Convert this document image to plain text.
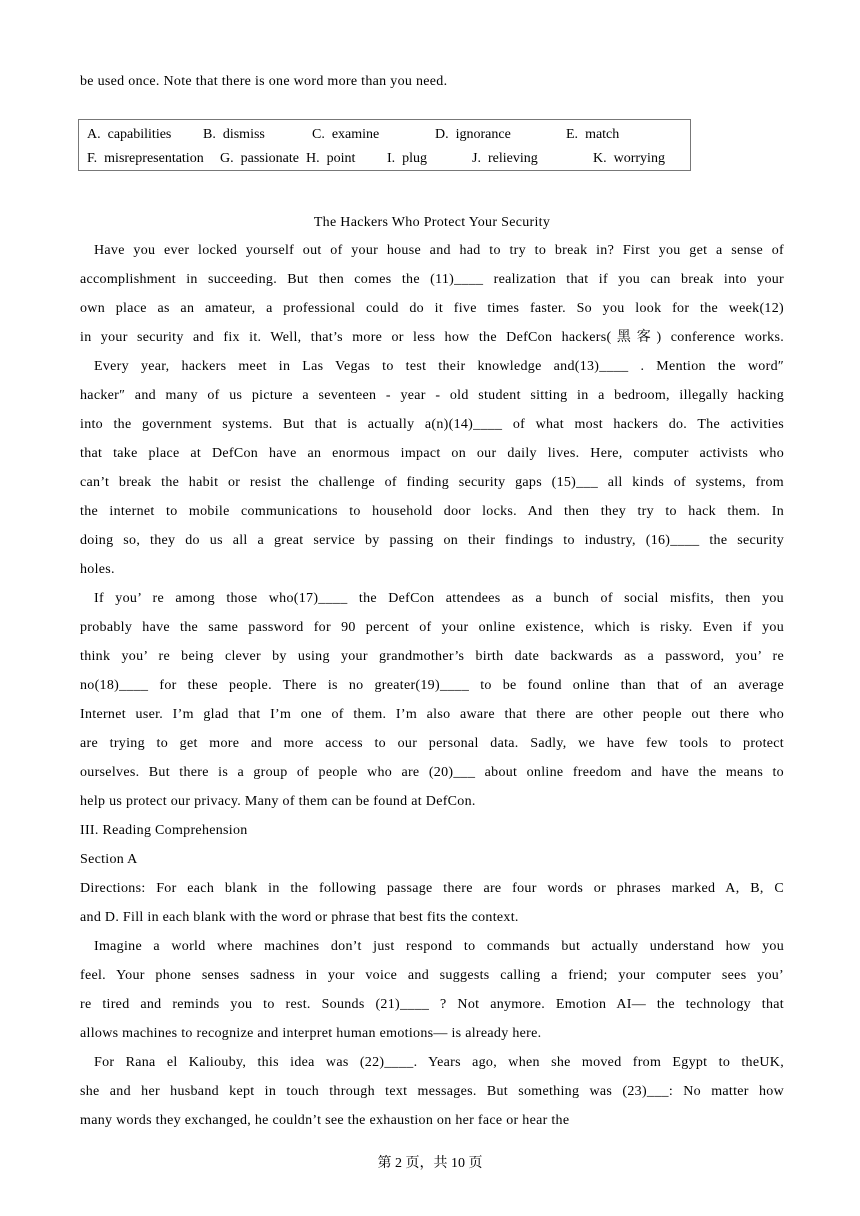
be used once. Note that there is one word more than you need.
A. capabilities B. dismiss	C. examine	D. ignorance	E. match
F. misrepresentation G. passionate H. point I. plug	J. relieving	K. worrying
The Hackers Who Protect Your Security
Have you ever locked yourself out of your house and had to try to break in? First you get a sense of
accomplishment in succeeding. But then comes the (11)____ realization that if you can break into your
own place as an amateur, a professional could do it five times faster. So you look for the week(12)
in your security and fix it. Well, that’s more or less how the DefCon hackers(黑客) conference works.
Every year, hackers meet in Las Vegas to test their knowledge and(13)____ . Mention the word″
hacker″ and many of us picture a seventeen - year - old student sitting in a bedroom, illegally hacking
into the government systems. But that is actually a(n)(14)____ of what most hackers do. The activities
that take place at DefCon have an enormous impact on our daily lives. Here, computer activists who
can’t break the habit or resist the challenge of finding security gaps (15)___ all kinds of systems, from
the internet to mobile communications to household door locks. And then they try to hack them. In
doing so, they do us all a great service by passing on their findings to industry, (16)____ the security
holes.
If you’ re among those who(17)____ the DefCon attendees as a bunch of social misfits, then you
probably have the same password for 90 percent of your online existence, which is risky. Even if you
think you’ re being clever by using your grandmother’s birth date backwards as a password, you’ re
no(18)____ for these people. There is no greater(19)____ to be found online than that of an average
Internet user. I’m glad that I’m one of them. I’m also aware that there are other people out there who
are trying to get more and more access to our personal data. Sadly, we have few tools to protect
ourselves. But there is a group of people who are (20)___ about online freedom and have the means to
help us protect our privacy. Many of them can be found at DefCon.
III. Reading Comprehension
Section A
Directions: For each blank in the following passage there are four words or phrases marked A, B, C
and D. Fill in each blank with the word or phrase that best fits the context.
Imagine a world where machines don’t just respond to commands but actually understand how you
feel. Your phone senses sadness in your voice and suggests calling a friend; your computer sees you’
re tired and reminds you to rest. Sounds (21)____ ? Not anymore. Emotion AI— the technology that
allows machines to recognize and interpret human emotions— is already here.
For Rana el Kaliouby, this idea was (22)____. Years ago, when she moved from Egypt to theUK,
she and her husband kept in touch through text messages. But something was (23)___: No matter how
many words they exchanged, he couldn’t see the exhaustion on her face or hear the
第 2 页，共 10 页
